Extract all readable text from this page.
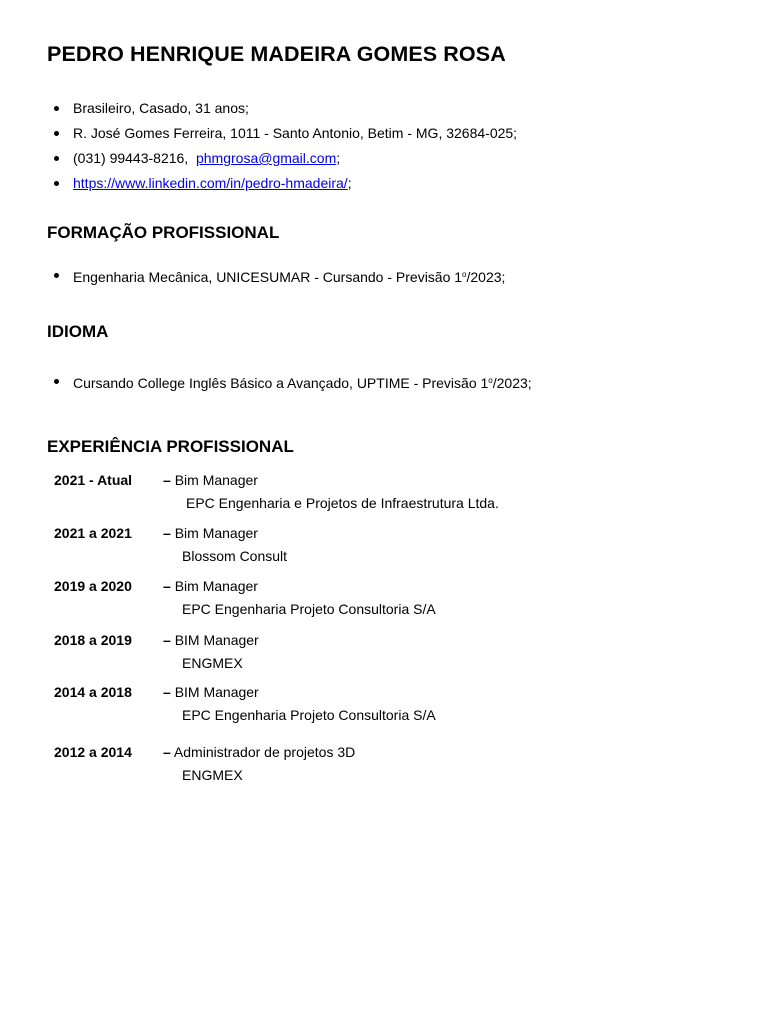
PEDRO HENRIQUE MADEIRA GOMES ROSA
Brasileiro, Casado, 31 anos;
R. José Gomes Ferreira, 1011 - Santo Antonio, Betim - MG, 32684-025;
(031) 99443-8216, phmgrosa@gmail.com;
https://www.linkedin.com/in/pedro-hmadeira/;
FORMAÇÃO PROFISSIONAL
Engenharia Mecânica, UNICESUMAR - Cursando - Previsão 1$^o$/2023;
IDIOMA
Cursando College Inglês Básico a Avançado, UPTIME - Previsão 1$^o$/2023;
EXPERIÊNCIA PROFISSIONAL
2021 - Atual – Bim Manager
EPC Engenharia e Projetos de Infraestrutura Ltda.
2021 a 2021 – Bim Manager
Blossom Consult
2019 a 2020 – Bim Manager
EPC Engenharia Projeto Consultoria S/A
2018 a 2019 – BIM Manager
ENGMEX
2014 a 2018 – BIM Manager
EPC Engenharia Projeto Consultoria S/A
2012 a 2014 – Administrador de projetos 3D
ENGMEX
